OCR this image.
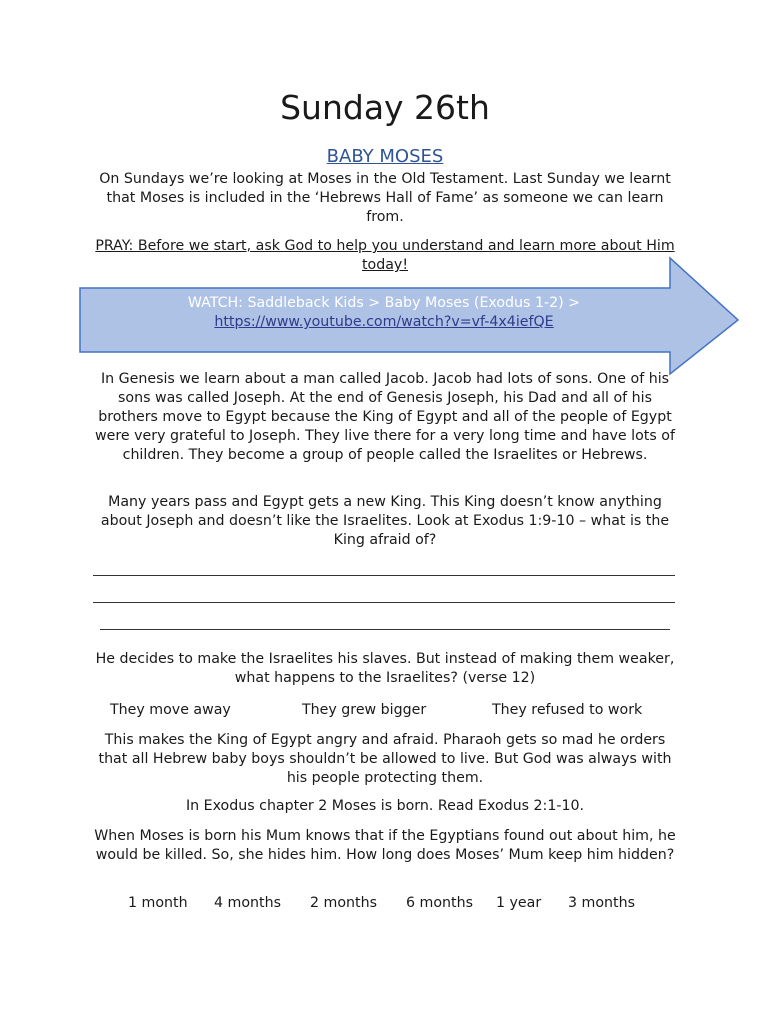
Sunday 26th
BABY MOSES
On Sundays we’re looking at Moses in the Old Testament. Last Sunday we learnt that Moses is included in the ‘Hebrews Hall of Fame’ as someone we can learn from.
PRAY: Before we start, ask God to help you understand and learn more about Him today!
WATCH: Saddleback Kids > Baby Moses (Exodus 1-2) >
https://www.youtube.com/watch?v=vf-4x4iefQE
In Genesis we learn about a man called Jacob. Jacob had lots of sons. One of his sons was called Joseph. At the end of Genesis Joseph, his Dad and all of his brothers move to Egypt because the King of Egypt and all of the people of Egypt were very grateful to Joseph. They live there for a very long time and have lots of children. They become a group of people called the Israelites or Hebrews.
Many years pass and Egypt gets a new King. This King doesn’t know anything about Joseph and doesn’t like the Israelites. Look at Exodus 1:9-10 – what is the King afraid of?
He decides to make the Israelites his slaves. But instead of making them weaker, what happens to the Israelites? (verse 12)
They move away	They grew bigger	They refused to work
This makes the King of Egypt angry and afraid. Pharaoh gets so mad he orders that all Hebrew baby boys shouldn’t be allowed to live. But God was always with his people protecting them.
In Exodus chapter 2 Moses is born. Read Exodus 2:1-10.
When Moses is born his Mum knows that if the Egyptians found out about him, he would be killed. So, she hides him. How long does Moses’ Mum keep him hidden?
1 month 4 months 2 months 6 months 1 year 3 months
